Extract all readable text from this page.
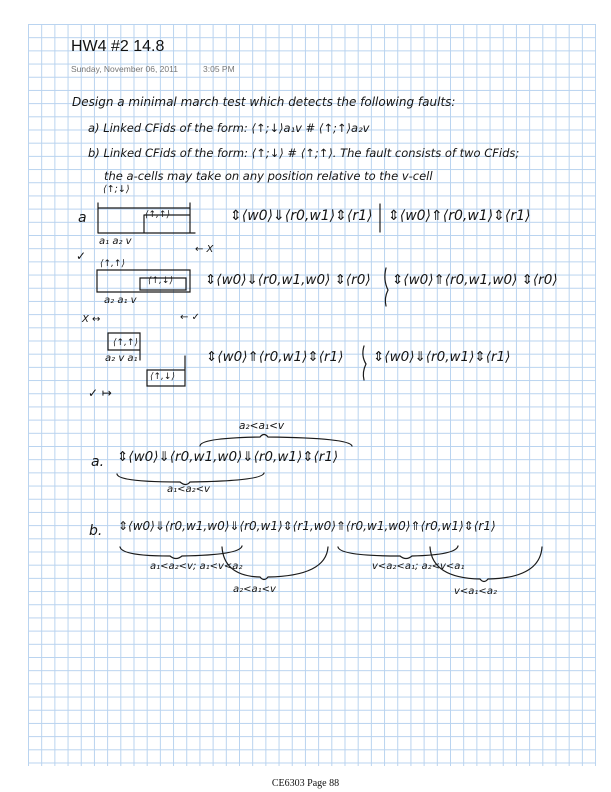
HW4 #2 14.8
Sunday, November 06, 2011	3:05 PM
Design a minimal march test which detects the following faults:
a) Linked CFids of the form: ⟨↑;↓⟩a₁v # ⟨↑;↑⟩a₂v
b) Linked CFids of the form: ⟨↑;↓⟩ # ⟨↑;↑⟩. The fault consists of two CFids;
the a-cells may take on any position relative to the v-cell
⟨↑;↓⟩
a	⟨↑,↑⟩
a₁ a₂ v
← X
✓
⇕⟨w0⟩⇓⟨r0,w1⟩⇕⟨r1⟩ ⇕⟨w0⟩⇑⟨r0,w1⟩⇕⟨r1⟩
⟨↑,↑⟩
⟨↑,↓⟩
a₂ a₁ v
X ↔	← ✓
⇕⟨w0⟩⇓⟨r0,w1,w0⟩ ⇕⟨r0⟩ ⇕⟨w0⟩⇑⟨r0,w1,w0⟩ ⇕⟨r0⟩
⟨↑,↑⟩
a₂ v a₁
⟨↑,↓⟩
✓ ↦
⇕⟨w0⟩⇑⟨r0,w1⟩⇕⟨r1⟩ ⇕⟨w0⟩⇓⟨r0,w1⟩⇕⟨r1⟩
a₂<a₁<v
a. ⇕⟨w0⟩⇓⟨r0,w1,w0⟩⇓⟨r0,w1⟩⇕⟨r1⟩
a₁<a₂<v
b. ⇕⟨w0⟩⇓⟨r0,w1,w0⟩⇓⟨r0,w1⟩⇕⟨r1,w0⟩⇑⟨r0,w1,w0⟩⇑⟨r0,w1⟩⇕⟨r1⟩
a₁<a₂<v; a₁<v<a₂
a₂<a₁<v
v<a₂<a₁; a₂<v<a₁
v<a₁<a₂
CE6303 Page 88
